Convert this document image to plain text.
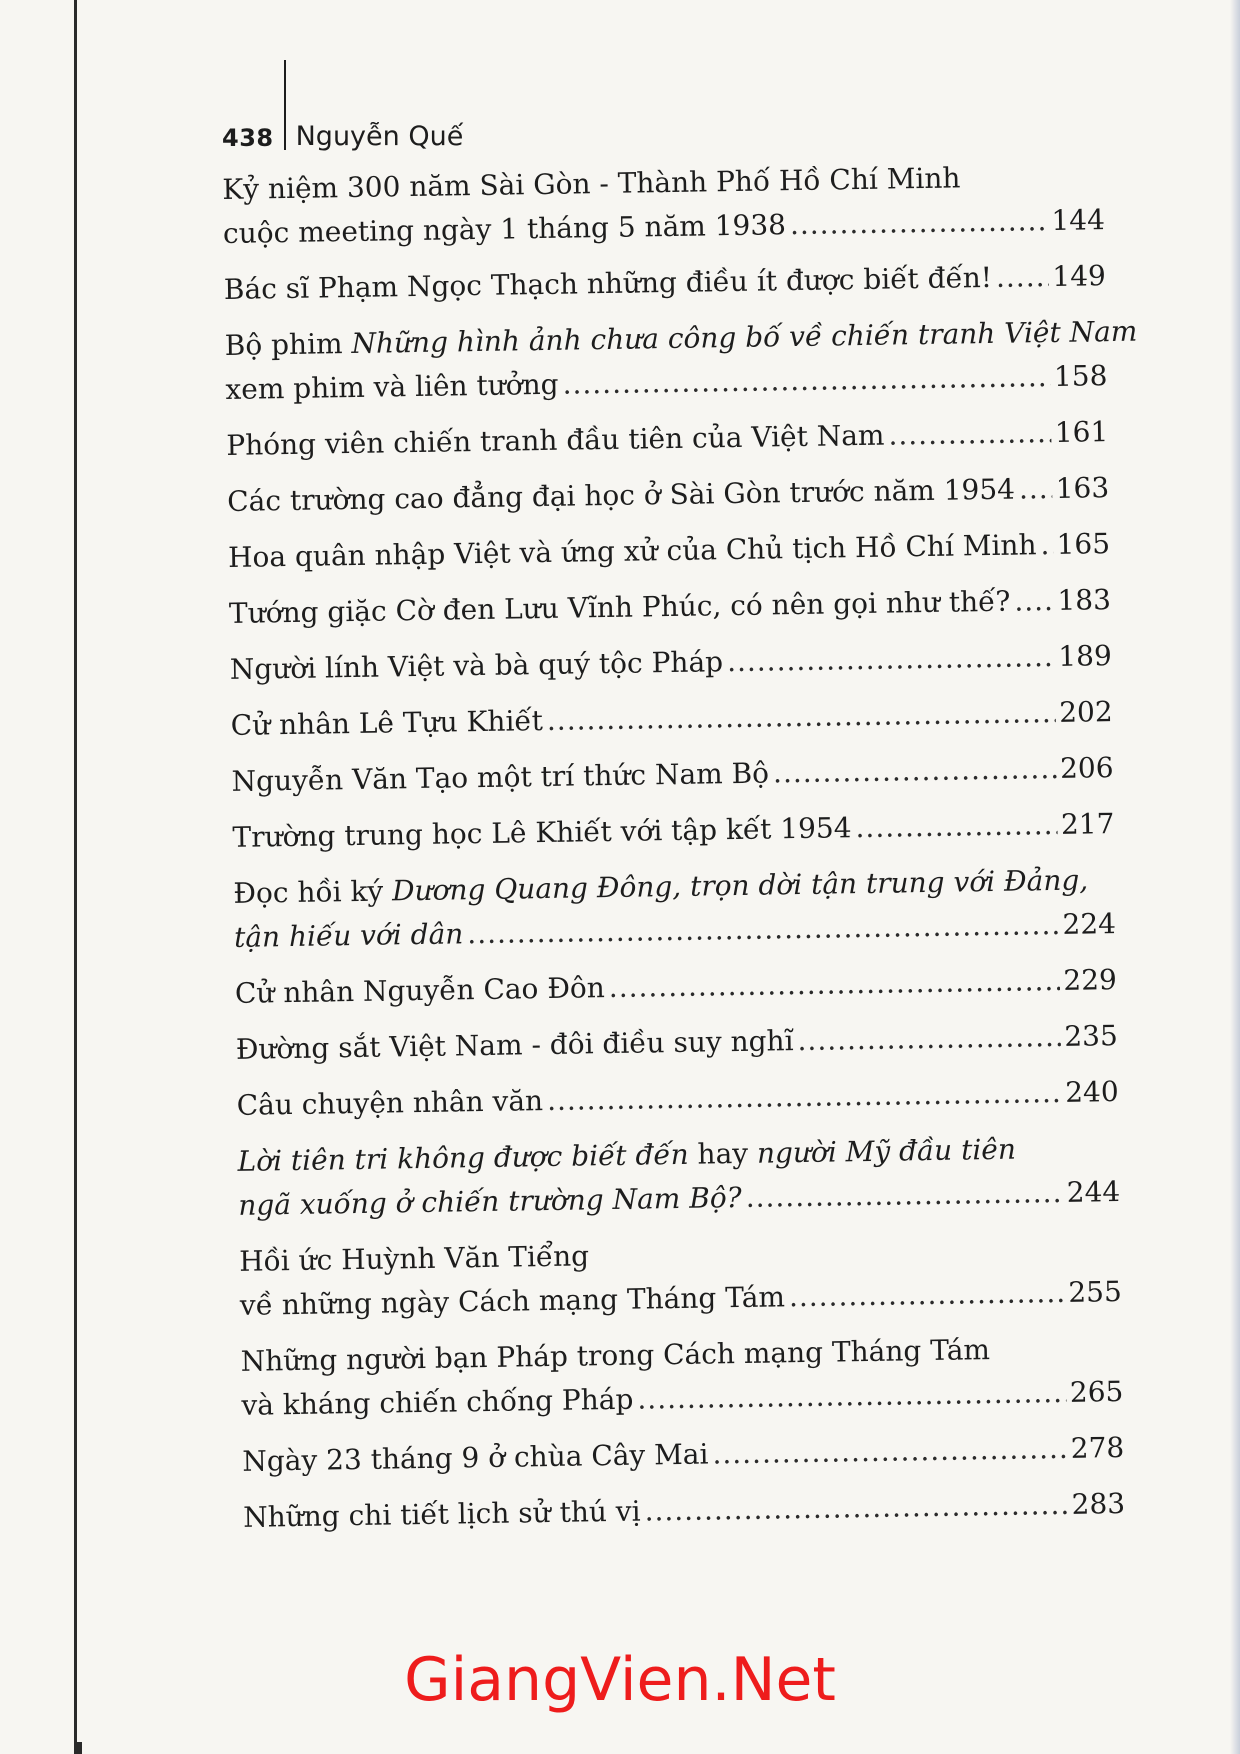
438 Nguyễn Quế
Kỷ niệm 300 năm Sài Gòn - Thành Phố Hồ Chí Minh
cuộc meeting ngày 1 tháng 5 năm 1938 .....	144
Bác sĩ Phạm Ngọc Thạch những điều ít được biết đến! ..... 149
Bộ phim Những hình ảnh chưa công bố về chiến tranh Việt Nam
xem phim và liên tưởng .....	158
Phóng viên chiến tranh đầu tiên của Việt Nam .....	161
Các trường cao đẳng đại học ở Sài Gòn trước năm 1954 ..... 163
Hoa quân nhập Việt và ứng xử của Chủ tịch Hồ Chí Minh ..... 165
Tướng giặc Cờ đen Lưu Vĩnh Phúc, có nên gọi như thế? ..... 183
Người lính Việt và bà quý tộc Pháp .....	189
Cử nhân Lê Tựu Khiết .....	202
Nguyễn Văn Tạo một trí thức Nam Bộ .....	206
Trường trung học Lê Khiết với tập kết 1954 .....	217
Đọc hồi ký Dương Quang Đông, trọn dời tận trung với Đảng,
tận hiếu với dân .....	224
Cử nhân Nguyễn Cao Đôn .....	229
Đường sắt Việt Nam - đôi điều suy nghĩ .....	235
Câu chuyện nhân văn .....	240
Lời tiên tri không được biết đến hay người Mỹ đầu tiên
ngã xuống ở chiến trường Nam Bộ? .....	244
Hồi ức Huỳnh Văn Tiểng
về những ngày Cách mạng Tháng Tám .....	255
Những người bạn Pháp trong Cách mạng Tháng Tám
và kháng chiến chống Pháp .....	265
Ngày 23 tháng 9 ở chùa Cây Mai .....	278
Những chi tiết lịch sử thú vị .....	283
GiangVien.Net
